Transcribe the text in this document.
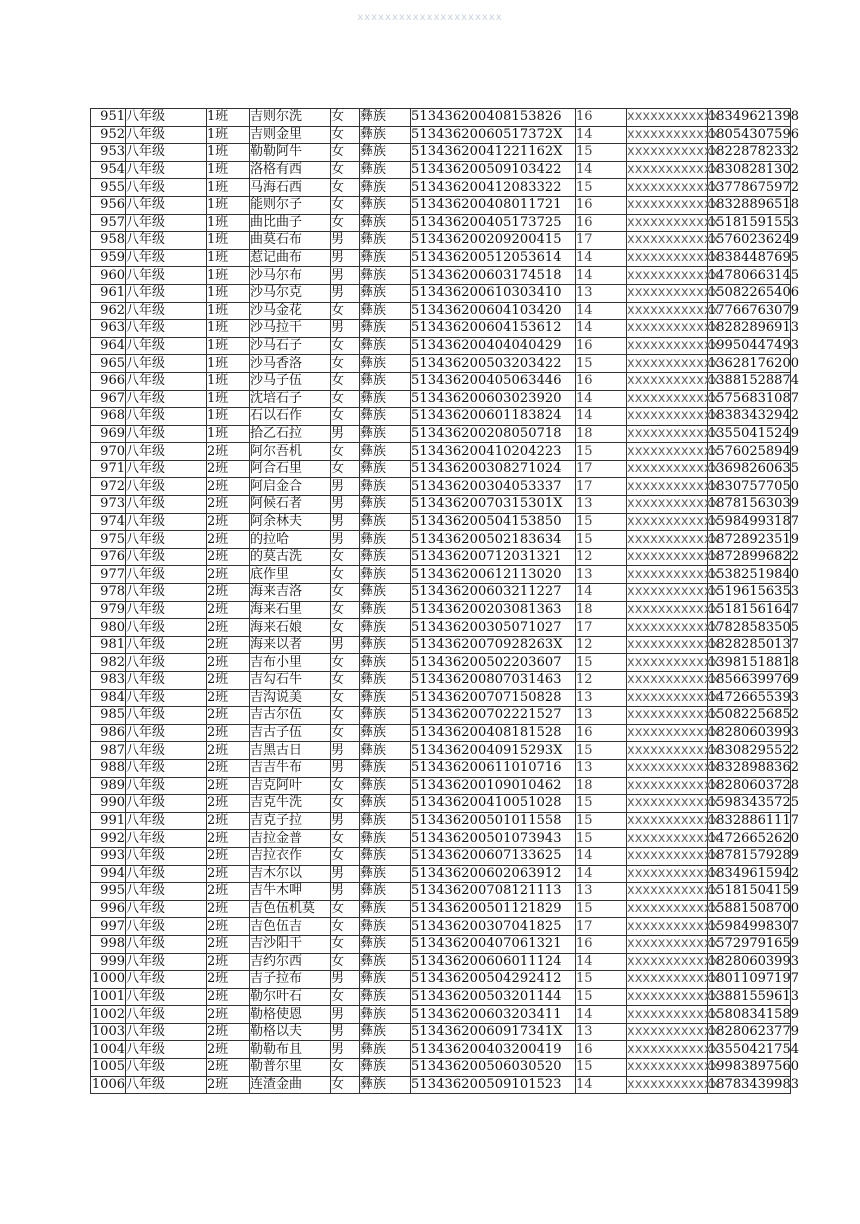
xxxxxxxxxxxxxxxxxxxxx
951	八年级	1班	吉则尔洗	女	彝族	513436200408153826	16	xxxxxxxxxxxx	18349621398
952	八年级	1班	吉则金里	女	彝族	51343620060517372X	14	xxxxxxxxxxxx	18054307596
953	八年级	1班	勒勒阿牛	女	彝族	51343620041221162X	15	xxxxxxxxxxxx	18228782332
954	八年级	1班	洛格有西	女	彝族	513436200509103422	14	xxxxxxxxxxxx	18308281302
955	八年级	1班	马海石西	女	彝族	513436200412083322	15	xxxxxxxxxxxx	13778675972
956	八年级	1班	能则尔子	女	彝族	513436200408011721	16	xxxxxxxxxxxx	18328896518
957	八年级	1班	曲比曲子	女	彝族	513436200405173725	16	xxxxxxxxxxxx	15181591553
958	八年级	1班	曲莫石布	男	彝族	513436200209200415	17	xxxxxxxxxxxx	15760236249
959	八年级	1班	惹记曲布	男	彝族	513436200512053614	14	xxxxxxxxxxxx	18384487695
960	八年级	1班	沙马尔布	男	彝族	513436200603174518	14	xxxxxxxxxxxx	14780663145
961	八年级	1班	沙马尔克	男	彝族	513436200610303410	13	xxxxxxxxxxxx	15082265406
962	八年级	1班	沙马金花	女	彝族	513436200604103420	14	xxxxxxxxxxxx	17766763079
963	八年级	1班	沙马拉干	男	彝族	513436200604153612	14	xxxxxxxxxxxx	18282896913
964	八年级	1班	沙马石子	女	彝族	513436200404040429	16	xxxxxxxxxxxx	19950447493
965	八年级	1班	沙马香洛	女	彝族	513436200503203422	15	xxxxxxxxxxxx	13628176200
966	八年级	1班	沙马子伍	女	彝族	513436200405063446	16	xxxxxxxxxxxx	13881528874
967	八年级	1班	沈培石子	女	彝族	513436200603023920	14	xxxxxxxxxxxx	15756831087
968	八年级	1班	石以石作	女	彝族	513436200601183824	14	xxxxxxxxxxxx	18383432942
969	八年级	1班	拾乙石拉	男	彝族	513436200208050718	18	xxxxxxxxxxxx	13550415249
970	八年级	2班	阿尔吾机	女	彝族	513436200410204223	15	xxxxxxxxxxxx	15760258949
971	八年级	2班	阿合石里	女	彝族	513436200308271024	17	xxxxxxxxxxxx	13698260635
972	八年级	2班	阿启金合	男	彝族	513436200304053337	17	xxxxxxxxxxxx	18307577050
973	八年级	2班	阿候石者	男	彝族	51343620070315301X	13	xxxxxxxxxxxx	18781563039
974	八年级	2班	阿余林夫	男	彝族	513436200504153850	15	xxxxxxxxxxxx	15984993187
975	八年级	2班	的拉哈	男	彝族	513436200502183634	15	xxxxxxxxxxxx	18728923519
976	八年级	2班	的莫古洗	女	彝族	513436200712031321	12	xxxxxxxxxxxx	18728996822
977	八年级	2班	底作里	女	彝族	513436200612113020	13	xxxxxxxxxxxx	15382519840
978	八年级	2班	海来吉洛	女	彝族	513436200603211227	14	xxxxxxxxxxxx	15196156353
979	八年级	2班	海来石里	女	彝族	513436200203081363	18	xxxxxxxxxxxx	15181561647
980	八年级	2班	海来石娘	女	彝族	513436200305071027	17	xxxxxxxxxxxx	17828583505
981	八年级	2班	海来以者	男	彝族	51343620070928263X	12	xxxxxxxxxxxx	18282850137
982	八年级	2班	吉布小里	女	彝族	513436200502203607	15	xxxxxxxxxxxx	13981518818
983	八年级	2班	吉勾石牛	女	彝族	513436200807031463	12	xxxxxxxxxxxx	18566399769
984	八年级	2班	吉沟说美	女	彝族	513436200707150828	13	xxxxxxxxxxxx	14726655393
985	八年级	2班	吉古尔伍	女	彝族	513436200702221527	13	xxxxxxxxxxxx	15082256852
986	八年级	2班	吉古子伍	女	彝族	513436200408181528	16	xxxxxxxxxxxx	18280603993
987	八年级	2班	吉黑古日	男	彝族	51343620040915293X	15	xxxxxxxxxxxx	18308295522
988	八年级	2班	吉吉牛布	男	彝族	513436200611010716	13	xxxxxxxxxxxx	18328988362
989	八年级	2班	吉克阿叶	女	彝族	513436200109010462	18	xxxxxxxxxxxx	18280603728
990	八年级	2班	吉克牛洗	女	彝族	513436200410051028	15	xxxxxxxxxxxx	15983435725
991	八年级	2班	吉克子拉	男	彝族	513436200501011558	15	xxxxxxxxxxxx	18328861117
992	八年级	2班	吉拉金普	女	彝族	513436200501073943	15	xxxxxxxxxxxx	14726652620
993	八年级	2班	吉拉衣作	女	彝族	513436200607133625	14	xxxxxxxxxxxx	18781579289
994	八年级	2班	吉木尔以	男	彝族	513436200602063912	14	xxxxxxxxxxxx	18349615942
995	八年级	2班	吉牛木呷	男	彝族	513436200708121113	13	xxxxxxxxxxxx	15181504159
996	八年级	2班	吉色伍机莫	女	彝族	513436200501121829	15	xxxxxxxxxxxx	15881508700
997	八年级	2班	吉色伍吉	女	彝族	513436200307041825	17	xxxxxxxxxxxx	15984998307
998	八年级	2班	吉沙阳干	女	彝族	513436200407061321	16	xxxxxxxxxxxx	15729791659
999	八年级	2班	吉约尔西	女	彝族	513436200606011124	14	xxxxxxxxxxxx	18280603993
1000	八年级	2班	吉子拉布	男	彝族	513436200504292412	15	xxxxxxxxxxxx	18011097197
1001	八年级	2班	勒尔叶石	女	彝族	513436200503201144	15	xxxxxxxxxxxx	13881559613
1002	八年级	2班	勒格使恩	男	彝族	513436200603203411	14	xxxxxxxxxxxx	15808341589
1003	八年级	2班	勒格以夫	男	彝族	51343620060917341X	13	xxxxxxxxxxxx	18280623779
1004	八年级	2班	勒勒布且	男	彝族	513436200403200419	16	xxxxxxxxxxxx	13550421754
1005	八年级	2班	勒普尔里	女	彝族	513436200506030520	15	xxxxxxxxxxxx	19983897560
1006	八年级	2班	连渣金曲	女	彝族	513436200509101523	14	xxxxxxxxxxxx	18783439983
